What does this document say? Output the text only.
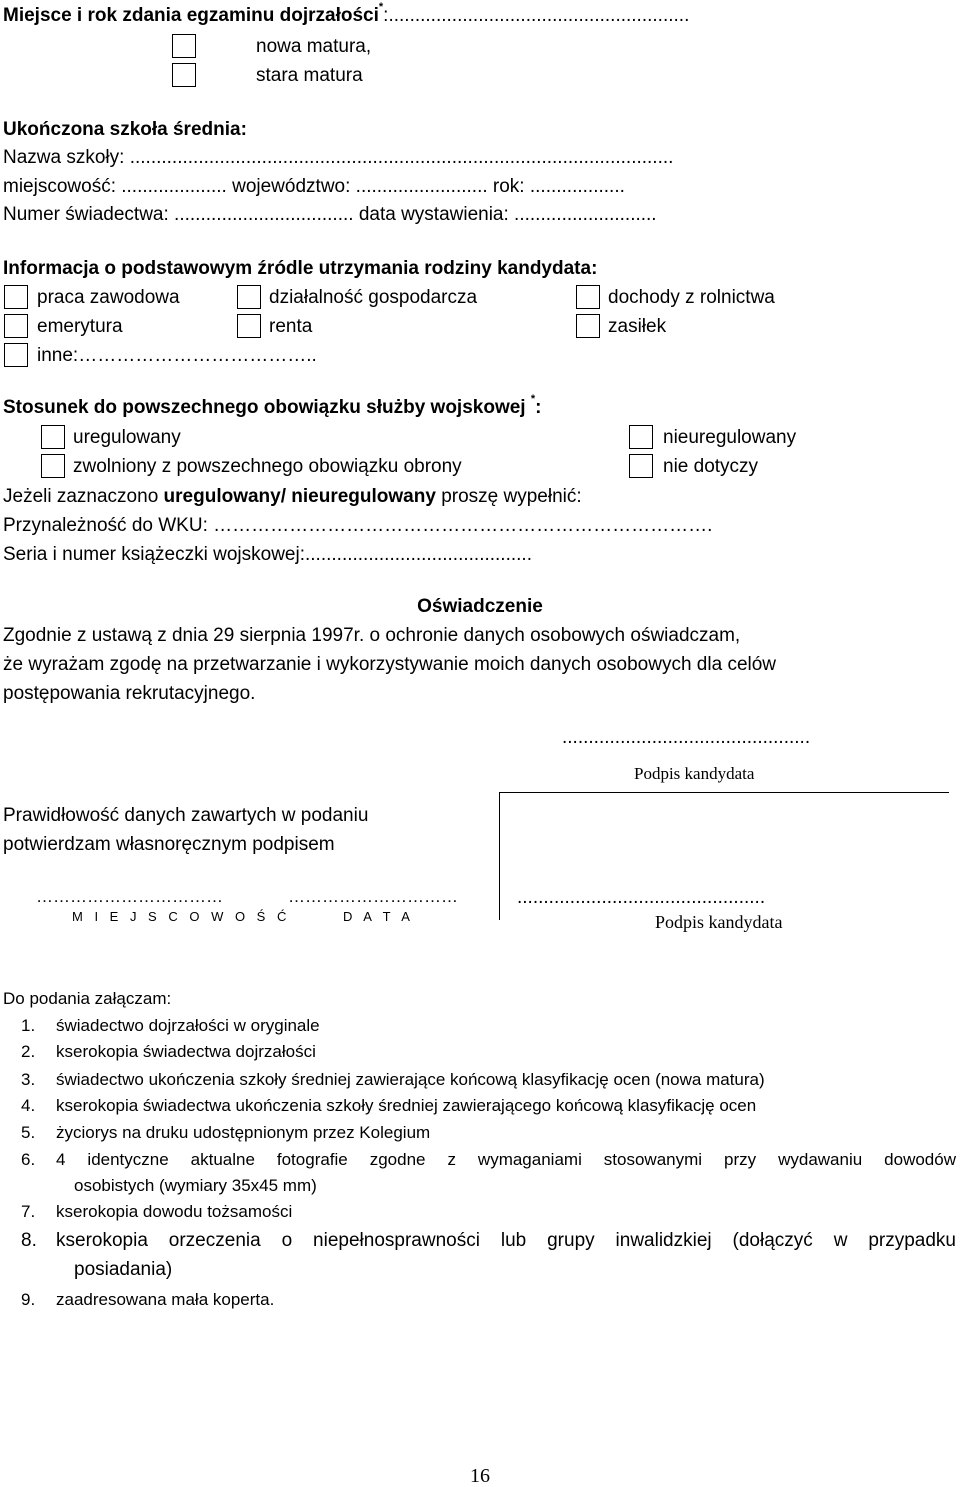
Miejsce i rok zdania egzaminu dojrzałości*:.........................................................
nowa matura,
stara matura
Ukończona szkoła średnia:
Nazwa szkoły: .......................................................................................................
miejscowość: .................... województwo: ......................... rok: ..................
Numer świadectwa: .................................. data wystawienia: ...........................
Informacja o podstawowym źródle utrzymania rodziny kandydata:
praca zawodowa	działalność gospodarcza	dochody z rolnictwa
emerytura	renta	zasiłek
inne:………………………………..
Stosunek do powszechnego obowiązku służby wojskowej *:
uregulowany	nieuregulowany
zwolniony z powszechnego obowiązku obrony	nie dotyczy
Jeżeli zaznaczono uregulowany/ nieuregulowany proszę wypełnić:
Przynależność do WKU: …………………………………………………………………….
Seria i numer książeczki wojskowej:...........................................
Oświadczenie
Zgodnie z ustawą z dnia 29 sierpnia 1997r. o ochronie danych osobowych oświadczam,
że wyrażam zgodę na przetwarzanie i wykorzystywanie moich danych osobowych dla celów
postępowania rekrutacyjnego.
...............................................
Podpis kandydata
Prawidłowość danych zawartych w podaniu
potwierdzam własnoręcznym podpisem
……………………………
M I E J S C O W O Ś Ć
…………………………
D A T A
...............................................
Podpis kandydata
Do podania załączam:
1. świadectwo dojrzałości w oryginale
2. kserokopia świadectwa dojrzałości
3. świadectwo ukończenia szkoły średniej zawierające końcową klasyfikację ocen (nowa matura)
4. kserokopia świadectwa ukończenia szkoły średniej zawierającego końcową klasyfikację ocen
5. życiorys na druku udostępnionym przez Kolegium
6. 4 identyczne aktualne fotografie zgodne z wymaganiami stosowanymi przy wydawaniu dowodów
osobistych (wymiary 35x45 mm)
7. kserokopia dowodu tożsamości
8. kserokopia orzeczenia o niepełnosprawności lub grupy inwalidzkiej (dołączyć w przypadku
posiadania)
9. zaadresowana mała koperta.
16
